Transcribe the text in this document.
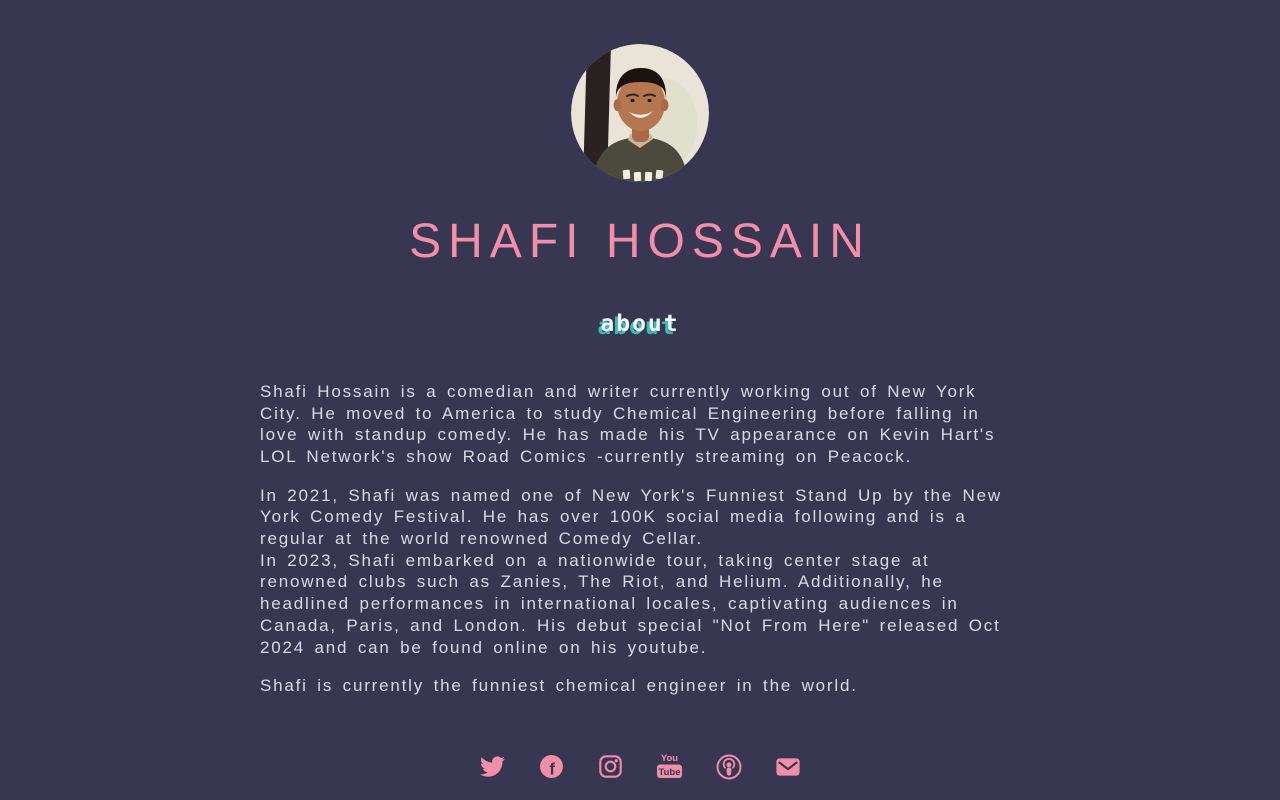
SHAFI HOSSAIN
about

Shafi Hossain is a comedian and writer currently working out of New York City. He moved to America to study Chemical Engineering before falling in love with standup comedy. He has made his TV appearance on Kevin Hart's LOL Network's show Road Comics -currently streaming on Peacock.

In 2021, Shafi was named one of New York's Funniest Stand Up by the New York Comedy Festival. He has over 100K social media following and is a regular at the world renowned Comedy Cellar.

In 2023, Shafi embarked on a nationwide tour, taking center stage at renowned clubs such as Zanies, The Riot, and Helium. Additionally, he headlined performances in international locales, captivating audiences in Canada, Paris, and London. His debut special "Not From Here" released Oct 2024 and can be found online on his youtube.

Shafi is currently the funniest chemical engineer in the world.

f
You
Tube
